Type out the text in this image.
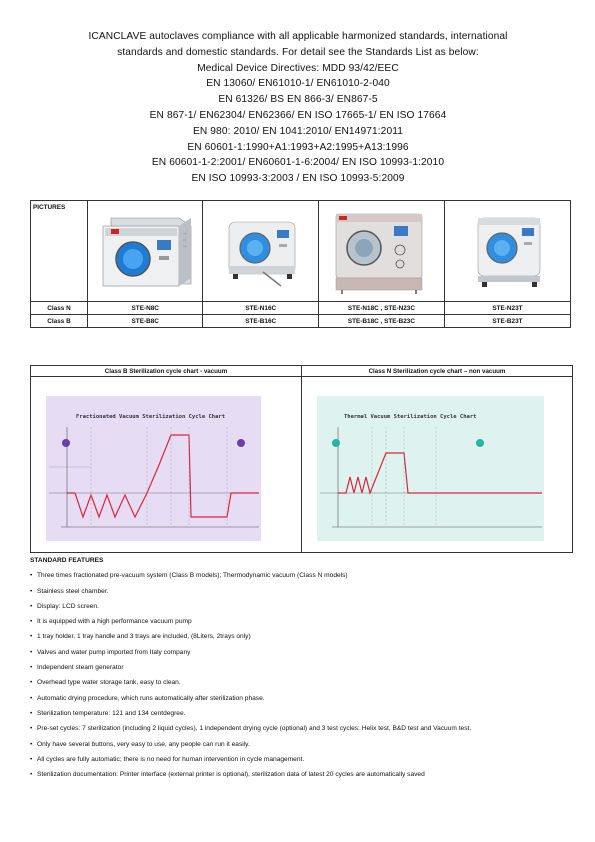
ICANCLAVE autoclaves compliance with all applicable harmonized standards, international
standards and domestic standards. For detail see the Standards List as below:
Medical Device Directives: MDD 93/42/EEC
EN 13060/ EN61010-1/ EN61010-2-040
EN 61326/ BS EN 866-3/ EN867-5
EN 867-1/ EN62304/ EN62366/ EN ISO 17665-1/ EN ISO 17664
EN 980: 2010/ EN 1041:2010/ EN14971:2011
EN 60601-1:1990+A1:1993+A2:1995+A13:1996
EN 60601-1-2:2001/ EN60601-1-6:2004/ EN ISO 10993-1:2010
EN ISO 10993-3:2003 / EN ISO 10993-5:2009
PICTURES				
Class N	STE-N8C	STE-N16C	STE-N18C , STE-N23C	STE-N23T
Class B	STE-B8C	STE-B16C	STE-B18C , STE-B23C	STE-B23T
Class B Sterilization cycle chart - vacuum	Class N Sterilization cycle chart – non vacuum

Fractionated Vacuum Sterilization Cycle Chart	Thermal Vacuum Sterilization Cycle Chart
STANDARD FEATURES
• Three times fractionated pre-vacuum system (Class B models); Thermodynamic vacuum (Class N models)
• Stainless steel chamber.
• Display: LCD screen.
• It is equipped with a high performance vacuum pump
• 1 tray holder, 1 tray handle and 3 trays are included, (8Liters, 2trays only)
• Valves and water pump imported from Italy company
• Independent steam generator
• Overhead type water storage tank, easy to clean.
• Automatic drying procedure, which runs automatically after sterilization phase.
• Sterilization temperature: 121 and 134 centdegree.
• Pre-set cycles: 7 sterilization (including 2 liquid cycles), 1 independent drying cycle (optional) and 3 test cycles: Helix test, B&D test and Vacuum test.
• Only have several buttons, very easy to use, any people can run it easily.
• All cycles are fully automatic; there is no need for human intervention in cycle management.
• Sterilization documentation: Printer interface (external printer is optional), sterilization data of latest 20 cycles are automatically saved
